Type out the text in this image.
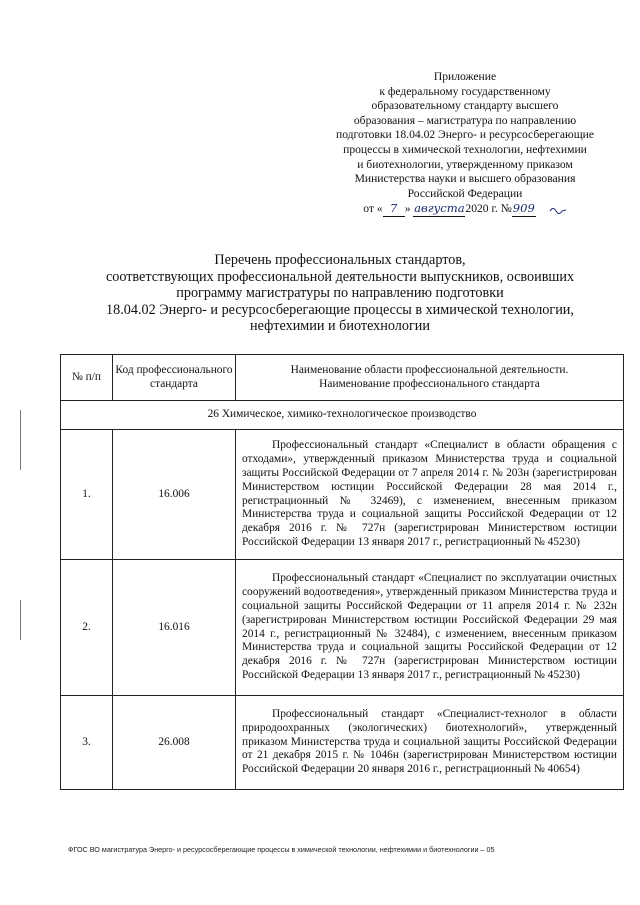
Приложение
к федеральному государственному
образовательному стандарту высшего
образования – магистратура по направлению
подготовки 18.04.02 Энерго- и ресурсосберегающие
процессы в химической технологии, нефтехимии
и биотехнологии, утвержденному приказом
Министерства науки и высшего образования
Российской Федерации
от « 7 » августа2020 г. №909
Перечень профессиональных стандартов,
соответствующих профессиональной деятельности выпускников, освоивших
программу магистратуры по направлению подготовки
18.04.02 Энерго- и ресурсосберегающие процессы в химической технологии,
нефтехимии и биотехнологии
№ п/п	Код профессионального стандарта	Наименование области профессиональной деятельности.
Наименование профессионального стандарта

26 Химическое, химико-технологическое производство		
1.	16.006	Профессиональный стандарт «Специалист в области обращения с отходами», утвержденный приказом Министерства труда и социальной защиты Российской Федерации от 7 апреля 2014 г. № 203н (зарегистрирован Министерством юстиции Российской Федерации 28 мая 2014 г., регистрационный № 32469), с изменением, внесенным приказом Министерства труда и социальной защиты Российской Федерации от 12 декабря 2016 г. № 727н (зарегистрирован Министерством юстиции Российской Федерации 13 января 2017 г., регистрационный № 45230)

2.	16.016	Профессиональный стандарт «Специалист по эксплуатации очистных сооружений водоотведения», утвержденный приказом Министерства труда и социальной защиты Российской Федерации от 11 апреля 2014 г. № 232н (зарегистрирован Министерством юстиции Российской Федерации 29 мая 2014 г., регистрационный № 32484), с изменением, внесенным приказом Министерства труда и социальной защиты Российской Федерации от 12 декабря 2016 г. № 727н (зарегистрирован Министерством юстиции Российской Федерации 13 января 2017 г., регистрационный № 45230)

3.	26.008	Профессиональный стандарт «Специалист-технолог в области природоохранных (экологических) биотехнологий», утвержденный приказом Министерства труда и социальной защиты Российской Федерации от 21 декабря 2015 г. № 1046н (зарегистрирован Министерством юстиции Российской Федерации 20 января 2016 г., регистрационный № 40654)
ФГОС ВО магистратура Энерго- и ресурсосберегающие процессы в химической технологии, нефтехимии и биотехнологии – 05
